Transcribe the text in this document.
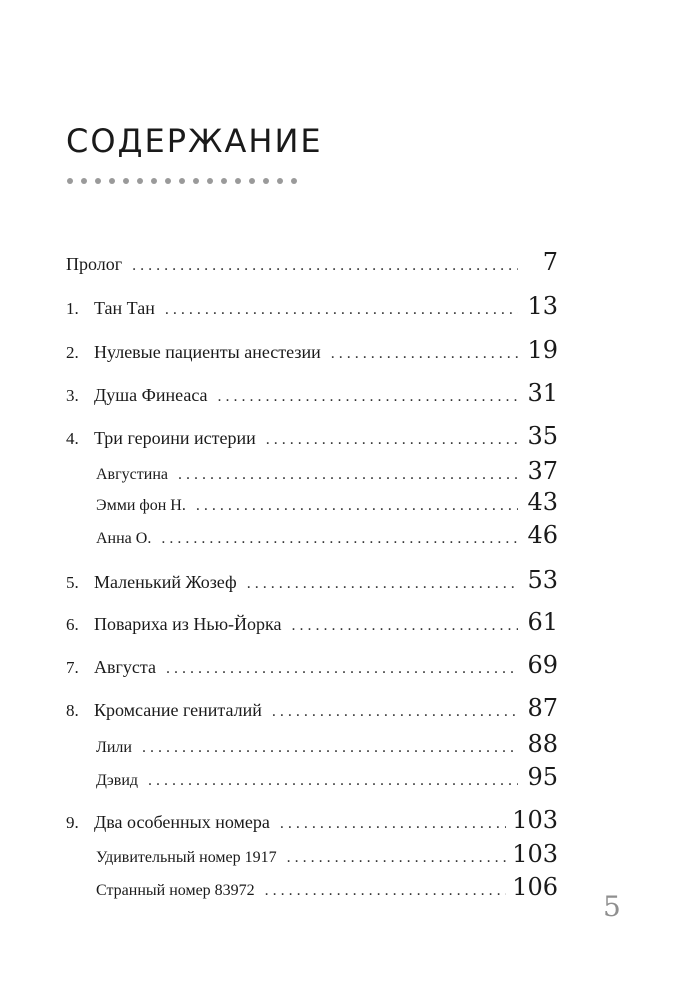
СОДЕРЖАНИЕ
Пролог . . .	7
1. Тан Тан . . .	13
2. Нулевые пациенты анестезии . . .	19
3. Душа Финеаса . . .	31
4. Три героини истерии . . .	35
Августина . . .	37
Эмми фон Н. . . .	43
Анна О. . . .	46
5. Маленький Жозеф . . .	53
6. Повариха из Нью-Йорка . . .	61
7. Августа . . .	69
8. Кромсание гениталий . . .	87
Лили . . .	88
Дэвид . . .	95
9. Два особенных номера . . .	103
Удивительный номер 1917 . . .	103
Странный номер 83972 . . .	106
5
